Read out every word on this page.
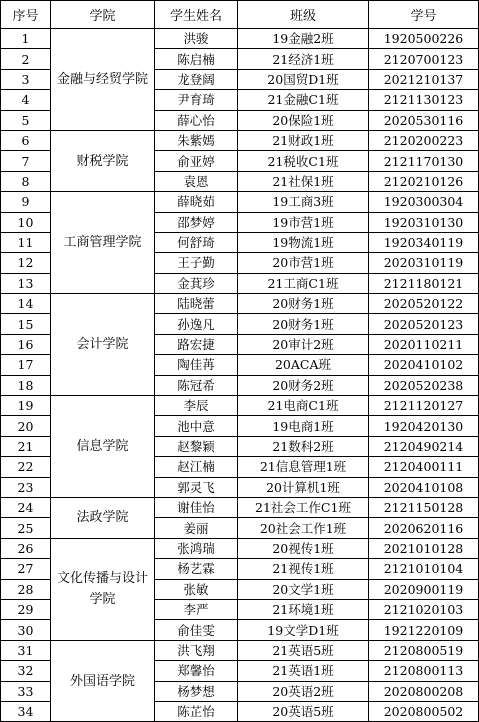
序号	学院	学生姓名	班级	学号
1	金融与经贸学院	洪骏	19金融2班	1920500226
2		陈启楠	21经济1班	2120700123
3		龙登阔	20国贸D1班	2021210137
4		尹育琦	21金融C1班	2121130123
5		薛心怡	20保险1班	2020530116
6	财税学院	朱紫嫣	21财政1班	2120200223
7		俞亚婷	21税收C1班	2121170130
8		袁恩	21社保1班	2120210126
9	工商管理学院	薛晓茹	19工商3班	1920300304
10		邵梦婷	19市营1班	1920310130
11		何舒琦	19物流1班	1920340119
12		王子勤	20市营1班	2020310119
13		金萁珍	21工商C1班	2121180121
14	会计学院	陆晓蕾	20财务1班	2020520122
15		孙逸凡	20财务1班	2020520123
16		路宏捷	20审计2班	2020110211
17		陶佳苒	20ACA班	2020410102
18		陈冠希	20财务2班	2020520238
19	信息学院	李辰	21电商C1班	2121120127
20		池中意	19电商1班	1920420130
21		赵黎颖	21数科2班	2120490214
22		赵江楠	21信息管理1班	2120400111
23		郭灵飞	20计算机1班	2020410108
24	法政学院	谢佳怡	21社会工作C1班	2121150128
25		姜丽	20社会工作1班	2020620116
26	文化传播与设计学院	张鸿瑞	20视传1班	2021010128
27		杨艺霖	21视传1班	2121010104
28		张敏	20文学1班	2020900119
29		李严	21环境1班	2121020103
30		俞佳雯	19文学D1班	1921220109
31	外国语学院	洪飞翔	21英语5班	2120800519
32		郑馨怡	21英语1班	2120800113
33		杨梦想	20英语2班	2020800208
34		陈芷怡	20英语5班	2020800502
